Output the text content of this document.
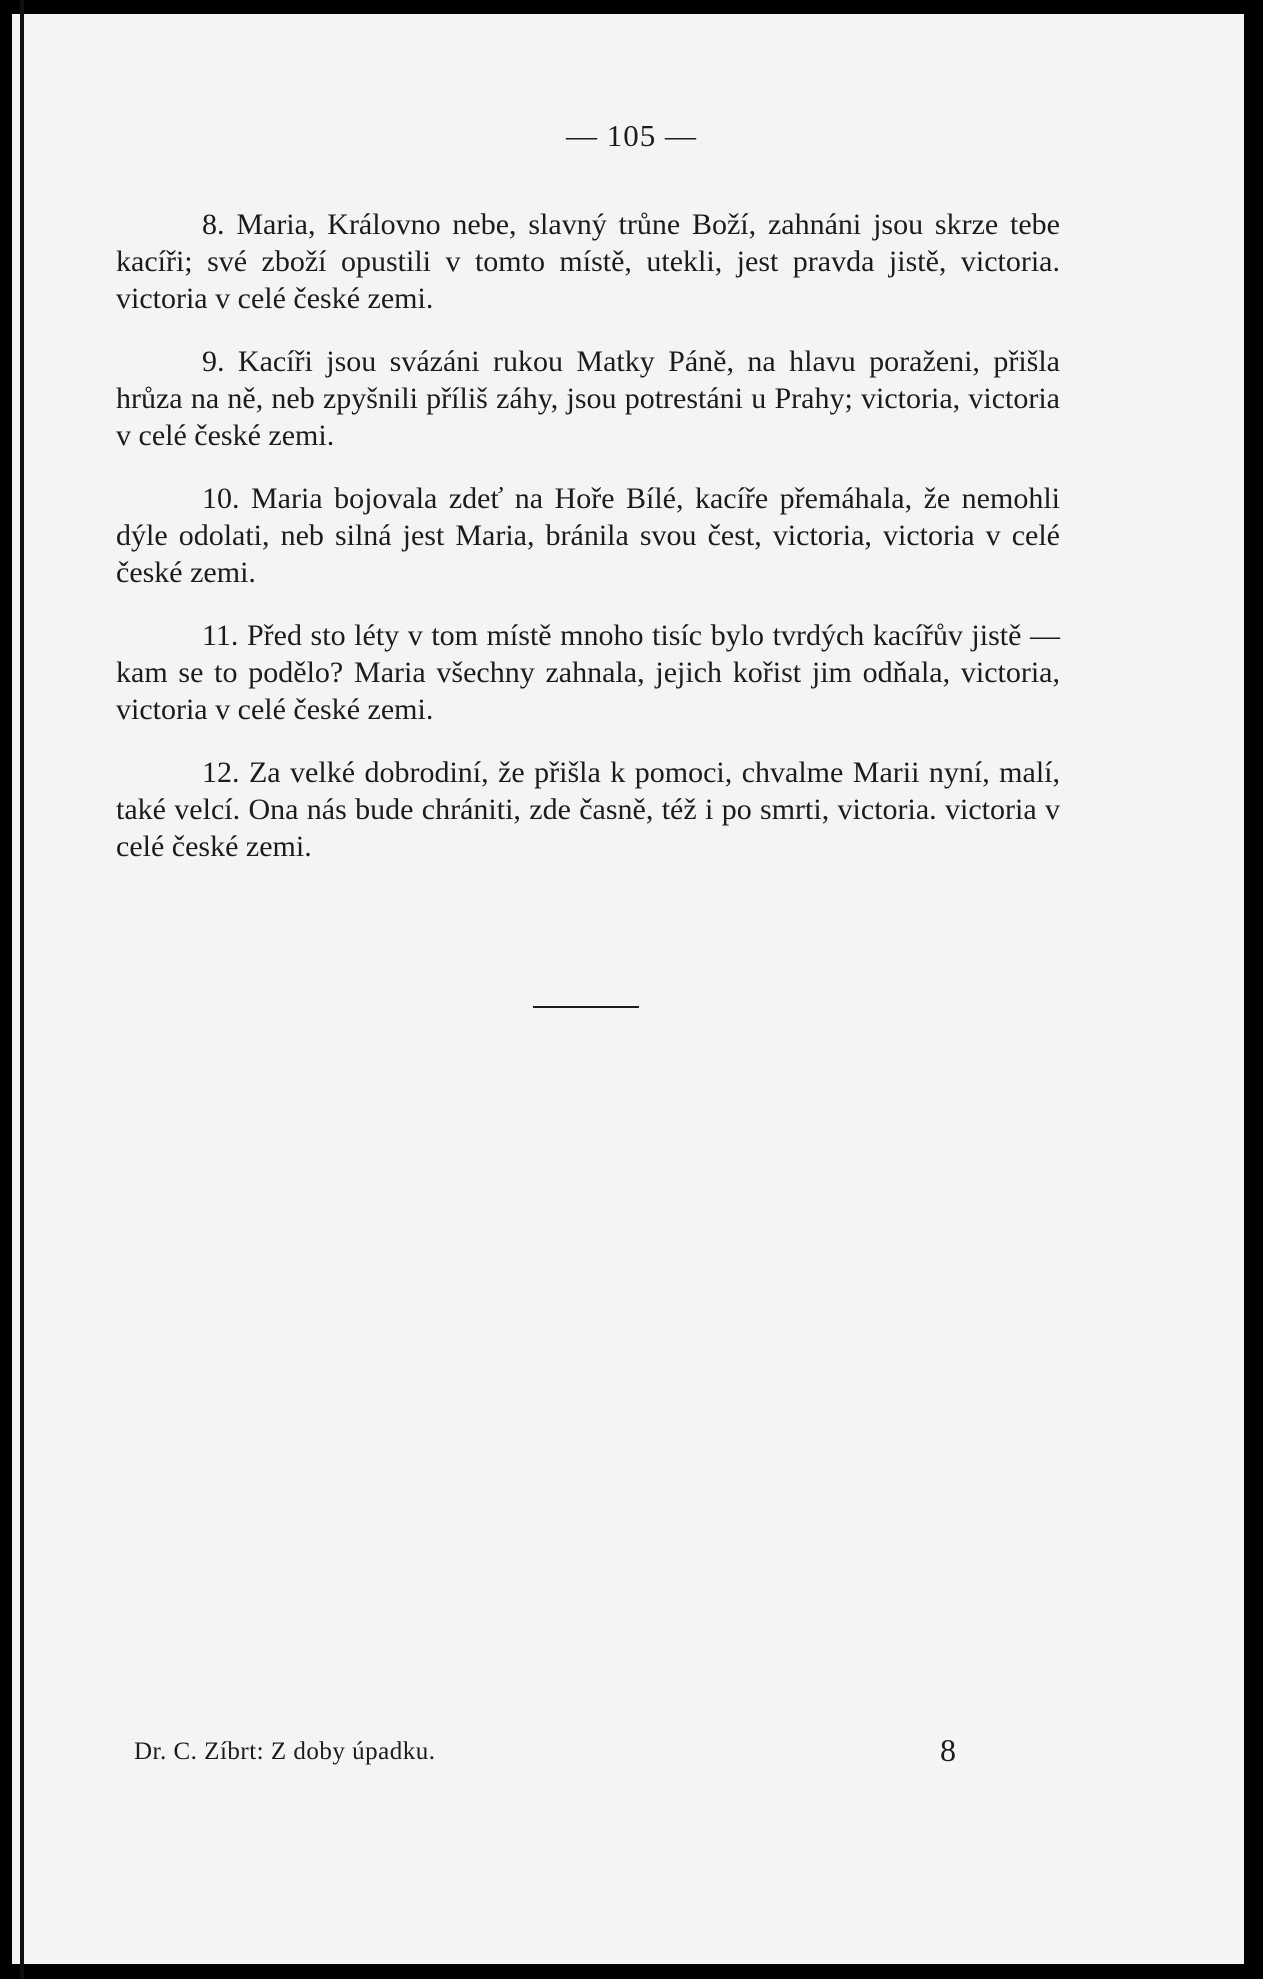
— 105 —

8. Maria, Královno nebe, slavný trůne Boží, zahnáni jsou skrze tebe kacíři; své zboží opustili v tomto místě, utekli, jest pravda jistě, victoria. victoria v celé české zemi.

9. Kacíři jsou svázáni rukou Matky Páně, na hlavu poraženi, přišla hrůza na ně, neb zpyšnili příliš záhy, jsou potrestáni u Prahy; victoria, victoria v celé české zemi.

10. Maria bojovala zdeť na Hoře Bílé, kacíře přemáhala, že nemohli dýle odolati, neb silná jest Maria, bránila svou čest, victoria, victoria v celé české zemi.

11. Před sto léty v tom místě mnoho tisíc bylo tvrdých kacířův jistě — kam se to podělo? Maria všechny zahnala, jejich kořist jim odňala, victoria, victoria v celé české zemi.

12. Za velké dobrodiní, že přišla k pomoci, chvalme Marii nyní, malí, také velcí. Ona nás bude chrániti, zde časně, též i po smrti, victoria. victoria v celé české zemi.

Dr. C. Zíbrt: Z doby úpadku.	8
